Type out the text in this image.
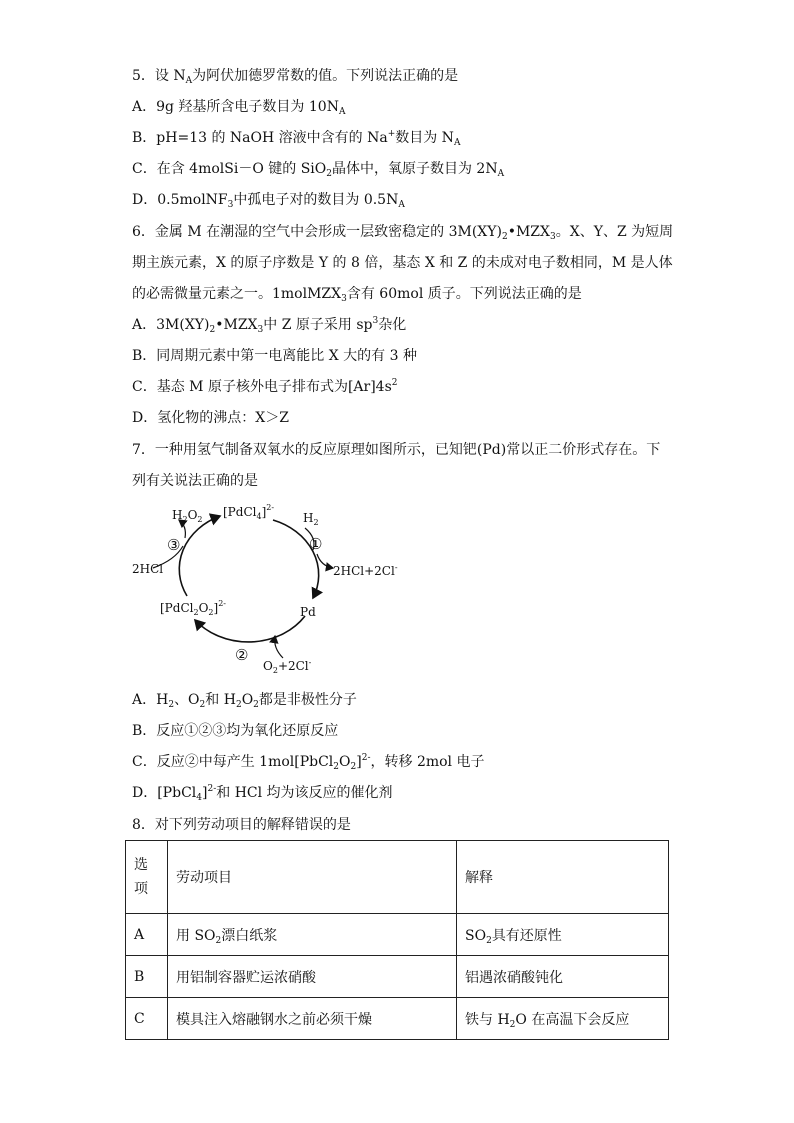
5．设 $N_A$为阿伏加德罗常数的值。下列说法正确的是
A．9g 羟基所含电子数目为 $10N_A$
B．pH=13 的 NaOH 溶液中含有的 Na+数目为 $N_A$
C．在含 4molSi－O 键的 SiO$_2$晶体中，氧原子数目为 $2N_A$
D．0.5molNF$_3$中孤电子对的数目为 $0.5N_A$
6．金属 M 在潮湿的空气中会形成一层致密稳定的 $3M(XY)_2•MZX_3$。X、Y、Z 为短周
期主族元素，X 的原子序数是 Y 的 8 倍，基态 X 和 Z 的未成对电子数相同，M 是人体
的必需微量元素之一。1molMZX$_3$含有 60mol 质子。下列说法正确的是
A．$3M(XY)_2•MZX_3$中 Z 原子采用 $sp^3$杂化
B．同周期元素中第一电离能比 X 大的有 3 种
C．基态 M 原子核外电子排布式为$[Ar]4s^2$
D．氢化物的沸点：X＞Z
7．一种用氢气制备双氧水的反应原理如图所示，已知钯(Pd)常以正二价形式存在。下
列有关说法正确的是
$H_2O_2$
[PdCl$_4$]$^{2-}$
$H_2$
①
③
2HCl	2HCl+2Cl-
$[PdCl_2O_2]^{2-}$
Pd
②
$O_2+2Cl^-$
A．$H_2$、$O_2$和 $H_2O_2$都是非极性分子
B．反应①②③均为氧化还原反应
C．反应②中每产生 $1mol[PbCl_2O_2]^{2-}$，转移 2mol 电子
D．[PbCl$_4$]$^{2-}$和 HCl 均为该反应的催化剂
8．对下列劳动项目的解释错误的是
选项	劳动项目	解释
A	用 $SO_2$漂白纸浆	$SO_2$具有还原性
B	用铝制容器贮运浓硝酸	铝遇浓硝酸钝化
C	模具注入熔融钢水之前必须干燥	铁与 $H_2O$ 在高温下会反应
